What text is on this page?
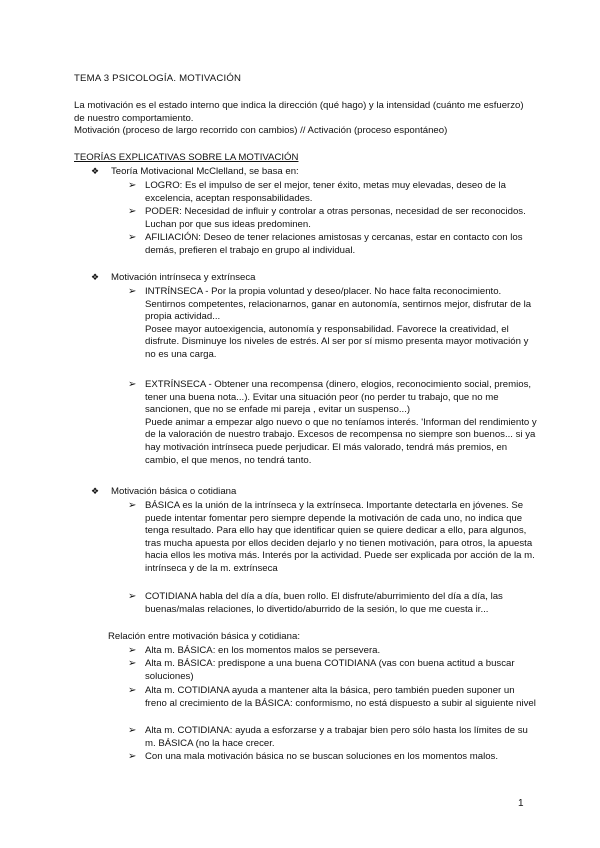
TEMA 3 PSICOLOGÍA. MOTIVACIÓN

La motivación es el estado interno que indica la dirección (qué hago) y la intensidad (cuánto me esfuerzo) de nuestro comportamiento.

Motivación (proceso de largo recorrido con cambios) // Activación (proceso espontáneo)

TEORÍAS EXPLICATIVAS SOBRE LA MOTIVACIÓN
❖ Teoría Motivacional McClelland, se basa en:
➢ LOGRO: Es el impulso de ser el mejor, tener éxito, metas muy elevadas, deseo de la excelencia, aceptan responsabilidades.
➢ PODER: Necesidad de influir y controlar a otras personas, necesidad de ser reconocidos. Luchan por que sus ideas predominen.
➢ AFILIACIÓN: Deseo de tener relaciones amistosas y cercanas, estar en contacto con los demás, prefieren el trabajo en grupo al individual.
❖ Motivación intrínseca y extrínseca
➢ INTRÍNSECA - Por la propia voluntad y deseo/placer. No hace falta reconocimiento. Sentirnos competentes, relacionarnos, ganar en autonomía, sentirnos mejor, disfrutar de la propia actividad...
Posee mayor autoexigencia, autonomía y responsabilidad. Favorece la creatividad, el disfrute. Disminuye los niveles de estrés. Al ser por sí mismo presenta mayor motivación y no es una carga.
➢ EXTRÍNSECA - Obtener una recompensa (dinero, elogios, reconocimiento social, premios, tener una buena nota...). Evitar una situación peor (no perder tu trabajo, que no me sancionen, que no se enfade mi pareja , evitar un suspenso...)
Puede animar a empezar algo nuevo o que no teníamos interés. 'Informan del rendimiento y de la valoración de nuestro trabajo. Excesos de recompensa no siempre son buenos... si ya hay motivación intrínseca puede perjudicar. El más valorado, tendrá más premios, en cambio, el que menos, no tendrá tanto.
❖ Motivación básica o cotidiana
➢ BÁSICA es la unión de la intrínseca y la extrínseca. Importante detectarla en jóvenes. Se puede intentar fomentar pero siempre depende la motivación de cada uno, no indica que tenga resultado. Para ello hay que identificar quien se quiere dedicar a ello, para algunos, tras mucha apuesta por ellos deciden dejarlo y no tienen motivación, para otros, la apuesta hacia ellos les motiva más. Interés por la actividad. Puede ser explicada por acción de la m. intrínseca y de la m. extrínseca
➢ COTIDIANA habla del día a día, buen rollo. El disfrute/aburrimiento del día a día, las buenas/malas relaciones, lo divertido/aburrido de la sesión, lo que me cuesta ir...
Relación entre motivación básica y cotidiana:
➢ Alta m. BÁSICA: en los momentos malos se persevera.
➢ Alta m. BÁSICA: predispone a una buena COTIDIANA (vas con buena actitud a buscar soluciones)
➢ Alta m. COTIDIANA ayuda a mantener alta la básica, pero también pueden suponer un freno al crecimiento de la BÁSICA: conformismo, no está dispuesto a subir al siguiente nivel
➢ Alta m. COTIDIANA: ayuda a esforzarse y a trabajar bien pero sólo hasta los límites de su m. BÁSICA (no la hace crecer.
➢ Con una mala motivación básica no se buscan soluciones en los momentos malos.
1
